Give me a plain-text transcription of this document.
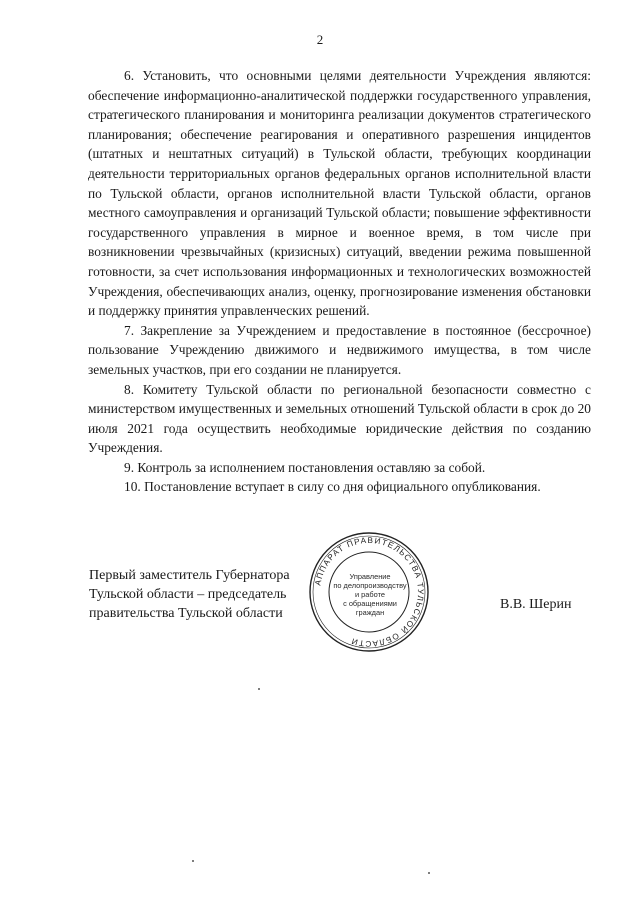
2

6. Установить, что основными целями деятельности Учреждения являются: обеспечение информационно-аналитической поддержки государственного управления, стратегического планирования и мониторинга реализации документов стратегического планирования; обеспечение реагирования и оперативного разрешения инцидентов (штатных и нештатных ситуаций) в Тульской области, требующих координации деятельности территориальных органов федеральных органов исполнительной власти по Тульской области, органов исполнительной власти Тульской области, органов местного самоуправления и организаций Тульской области; повышение эффективности государственного управления в мирное и военное время, в том числе при возникновении чрезвычайных (кризисных) ситуаций, введении режима повышенной готовности, за счет использования информационных и технологических возможностей Учреждения, обеспечивающих анализ, оценку, прогнозирование изменения обстановки и поддержку принятия управленческих решений.

7. Закрепление за Учреждением и предоставление в постоянное (бессрочное) пользование Учреждению движимого и недвижимого имущества, в том числе земельных участков, при его создании не планируется.

8. Комитету Тульской области по региональной безопасности совместно с министерством имущественных и земельных отношений Тульской области в срок до 20 июля 2021 года осуществить необходимые юридические действия по созданию Учреждения.

9. Контроль за исполнением постановления оставляю за собой.

10. Постановление вступает в силу со дня официального опубликования.

Первый заместитель Губернатора
Тульской области – председатель
правительства Тульской области
АППАРАТ ПРАВИТЕЛЬСТВА ТУЛЬСКОЙ ОБЛАСТИ
Управление
по делопроизводству
и работе
с обращениями
граждан
В.В. Шерин
